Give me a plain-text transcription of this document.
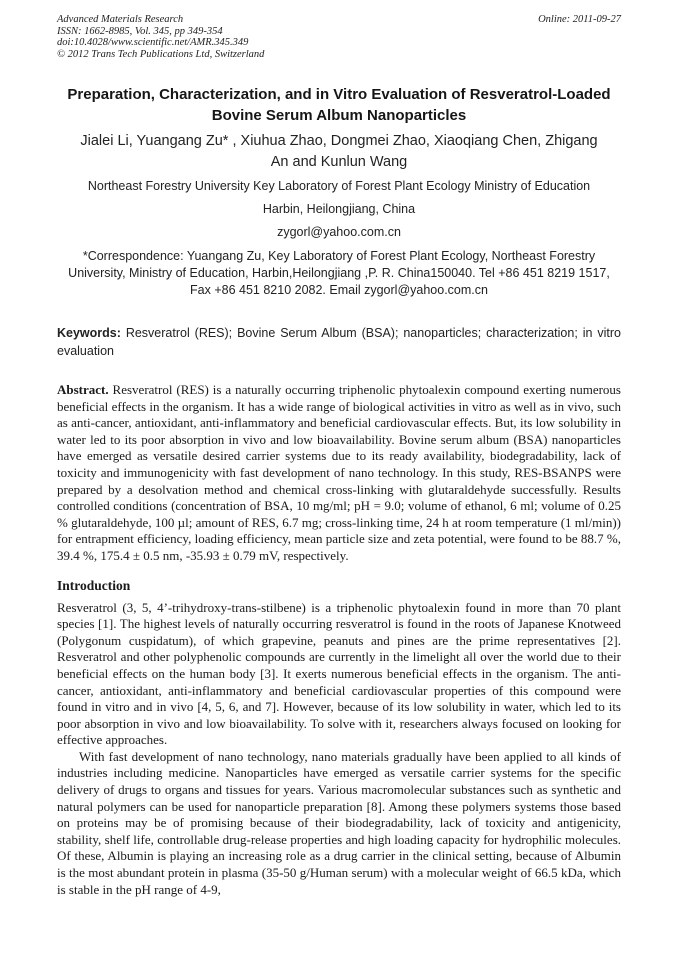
Advanced Materials Research
ISSN: 1662-8985, Vol. 345, pp 349-354
doi:10.4028/www.scientific.net/AMR.345.349
© 2012 Trans Tech Publications Ltd, Switzerland
Online: 2011-09-27
Preparation, Characterization, and in Vitro Evaluation of Resveratrol-Loaded Bovine Serum Album Nanoparticles
Jialei Li, Yuangang Zu* , Xiuhua Zhao, Dongmei Zhao, Xiaoqiang Chen, Zhigang An and Kunlun Wang
Northeast Forestry University Key Laboratory of Forest Plant Ecology Ministry of Education
Harbin, Heilongjiang, China
zygorl@yahoo.com.cn
*Correspondence: Yuangang Zu, Key Laboratory of Forest Plant Ecology, Northeast Forestry University, Ministry of Education, Harbin,Heilongjiang ,P. R. China150040. Tel +86 451 8219 1517, Fax +86 451 8210 2082. Email zygorl@yahoo.com.cn

Keywords: Resveratrol (RES); Bovine Serum Album (BSA); nanoparticles; characterization; in vitro evaluation

Abstract. Resveratrol (RES) is a naturally occurring triphenolic phytoalexin compound exerting numerous beneficial effects in the organism. It has a wide range of biological activities in vitro as well as in vivo, such as anti-cancer, antioxidant, anti-inflammatory and beneficial cardiovascular effects. But, its low solubility in water led to its poor absorption in vivo and low bioavailability. Bovine serum album (BSA) nanoparticles have emerged as versatile desired carrier systems due to its ready availability, biodegradability, lack of toxicity and immunogenicity with fast development of nano technology. In this study, RES-BSANPS were prepared by a desolvation method and chemical cross-linking with glutaraldehyde successfully. Results controlled conditions (concentration of BSA, 10 mg/ml; pH = 9.0; volume of ethanol, 6 ml; volume of 0.25 % glutaraldehyde, 100 µl; amount of RES, 6.7 mg; cross-linking time, 24 h at room temperature (1 ml/min)) for entrapment efficiency, loading efficiency, mean particle size and zeta potential, were found to be 88.7 %, 39.4 %, 175.4 ± 0.5 nm, -35.93 ± 0.79 mV, respectively.

Introduction

Resveratrol (3, 5, 4’-trihydroxy-trans-stilbene) is a triphenolic phytoalexin found in more than 70 plant species [1]. The highest levels of naturally occurring resveratrol is found in the roots of Japanese Knotweed (Polygonum cuspidatum), of which grapevine, peanuts and pines are the prime representatives [2]. Resveratrol and other polyphenolic compounds are currently in the limelight all over the world due to their beneficial effects on the human body [3]. It exerts numerous beneficial effects in the organism. The anti-cancer, antioxidant, anti-inflammatory and beneficial cardiovascular properties of this compound were found in vitro and in vivo [4, 5, 6, and 7]. However, because of its low solubility in water, which led to its poor absorption in vivo and low bioavailability. To solve with it, researchers always focused on looking for effective approaches.

With fast development of nano technology, nano materials gradually have been applied to all kinds of industries including medicine. Nanoparticles have emerged as versatile carrier systems for the specific delivery of drugs to organs and tissues for years. Various macromolecular substances such as synthetic and natural polymers can be used for nanoparticle preparation [8]. Among these polymers systems those based on proteins may be of promising because of their biodegradability, lack of toxicity and antigenicity, stability, shelf life, controllable drug-release properties and high loading capacity for hydrophilic molecules. Of these, Albumin is playing an increasing role as a drug carrier in the clinical setting, because of Albumin is the most abundant protein in plasma (35-50 g/Human serum) with a molecular weight of 66.5 kDa, which is stable in the pH range of 4-9,
